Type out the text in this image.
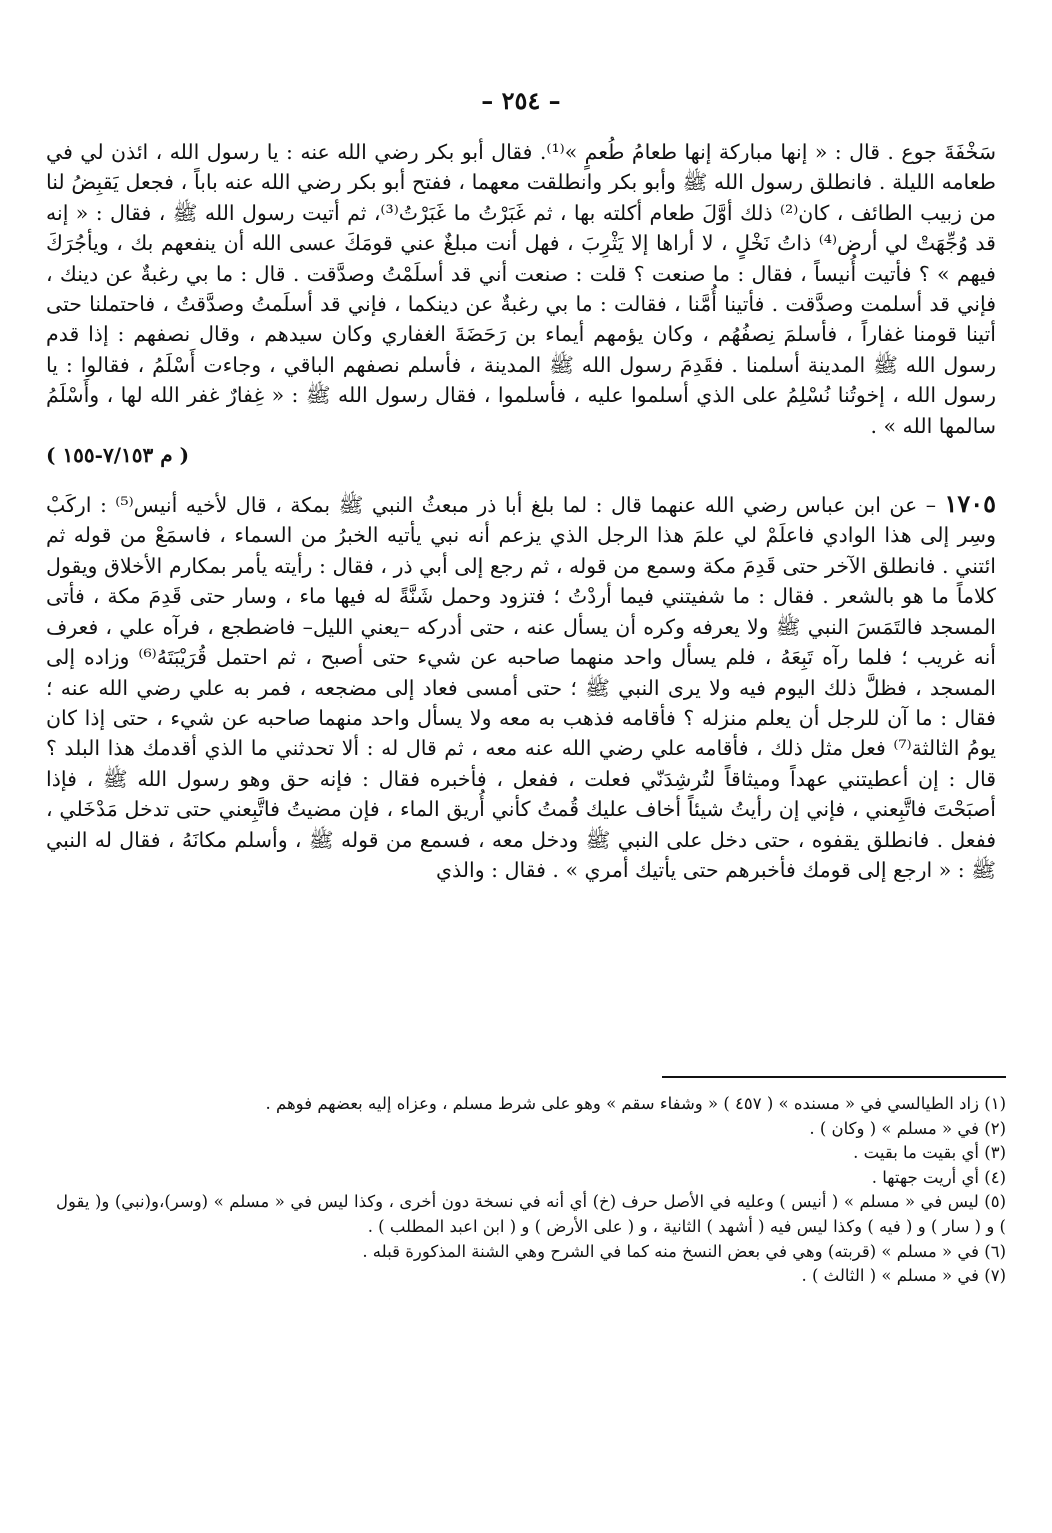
– ٢٥٤ –

سَخْفَةَ جوع . قال : « إنها مباركة إنها طعامُ طُعمٍ »⁽¹⁾. فقال أبو بكر رضي الله عنه : يا رسول الله ، ائذن لي في طعامه الليلة . فانطلق رسول الله ﷺ وأبو بكر وانطلقت معهما ، ففتح أبو بكر رضي الله عنه باباً ، فجعل يَقبِضُ لنا من زبيب الطائف ، كان⁽²⁾ ذلك أوَّلَ طعام أكلته بها ، ثم غَبَرْتُ ما غَبَرْتُ⁽³⁾، ثم أتيت رسول الله ﷺ ، فقال : « إنه قد وُجِّهَتْ لي أرض⁽⁴⁾ ذاتُ نَخْلٍ ، لا أراها إلا يَثْرِبَ ، فهل أنت مبلغٌ عني قومَكَ عسى الله أن ينفعهم بك ، ويأجُرَكَ فيهم » ؟ فأتيت أُنيساً ، فقال : ما صنعت ؟ قلت : صنعت أني قد أسلَمْتُ وصدَّقت . قال : ما بي رغبةٌ عن دينك ، فإني قد أسلمت وصدَّقت . فأتينا أُمَّنا ، فقالت : ما بي رغبةٌ عن دينكما ، فإني قد أسلَمتُ وصدَّقتُ ، فاحتملنا حتى أتينا قومنا غفاراً ، فأسلمَ نِصفُهُم ، وكان يؤمهم أيماء بن رَحَضَةَ الغفاري وكان سيدهم ، وقال نصفهم : إذا قدم رسول الله ﷺ المدينة أسلمنا . فقَدِمَ رسول الله ﷺ المدينة ، فأسلم نصفهم الباقي ، وجاءت أَسْلَمُ ، فقالوا : يا رسول الله ، إخوتُنا نُسْلِمُ على الذي أسلموا عليه ، فأسلموا ، فقال رسول الله ﷺ : « غِفارٌ غفر الله لها ، وأَسْلَمُ سالمها الله » .

( م ٧/١٥٣-١٥٥ )

١٧٠٥ – عن ابن عباس رضي الله عنهما قال : لما بلغ أبا ذر مبعثُ النبي ﷺ بمكة ، قال لأخيه أنيس⁽⁵⁾ : اركَبْ وسِر إلى هذا الوادي فاعلَمْ لي علمَ هذا الرجل الذي يزعم أنه نبي يأتيه الخبرُ من السماء ، فاسمَعْ من قوله ثم ائتني . فانطلق الآخر حتى قَدِمَ مكة وسمع من قوله ، ثم رجع إلى أبي ذر ، فقال : رأيته يأمر بمكارم الأخلاق ويقول كلاماً ما هو بالشعر . فقال : ما شفيتني فيما أردْتُ ؛ فتزود وحمل شَنَّةً له فيها ماء ، وسار حتى قَدِمَ مكة ، فأتى المسجد فالتَمَسَ النبي ﷺ ولا يعرفه وكره أن يسأل عنه ، حتى أدركه –يعني الليل– فاضطجع ، فرآه علي ، فعرف أنه غريب ؛ فلما رآه تَبِعَهُ ، فلم يسأل واحد منهما صاحبه عن شيء حتى أصبح ، ثم احتمل قُرَيْبَتَهُ⁽⁶⁾ وزاده إلى المسجد ، فظلَّ ذلك اليوم فيه ولا يرى النبي ﷺ ؛ حتى أمسى فعاد إلى مضجعه ، فمر به علي رضي الله عنه ؛ فقال : ما آن للرجل أن يعلم منزله ؟ فأقامه فذهب به معه ولا يسأل واحد منهما صاحبه عن شيء ، حتى إذا كان يومُ الثالثة⁽⁷⁾ فعل مثل ذلك ، فأقامه علي رضي الله عنه معه ، ثم قال له : ألا تحدثني ما الذي أقدمك هذا البلد ؟ قال : إن أعطيتني عهداً وميثاقاً لتُرشِدَنّي فعلت ، ففعل ، فأخبره فقال : فإنه حق وهو رسول الله ﷺ ، فإذا أصبَحْتَ فاتَّبِعني ، فإني إن رأيتُ شيئاً أخاف عليك قُمتُ كأني أُريق الماء ، فإن مضيتُ فاتَّبِعني حتى تدخل مَدْخَلي ، ففعل . فانطلق يقفوه ، حتى دخل على النبي ﷺ ودخل معه ، فسمع من قوله ﷺ ، وأسلم مكانَهُ ، فقال له النبي ﷺ : « ارجع إلى قومك فأخبرهم حتى يأتيك أمري » . فقال : والذي

(١) زاد الطيالسي في « مسنده » ( ٤٥٧ ) « وشفاء سقم » وهو على شرط مسلم ، وعزاه إليه بعضهم فوهم .

(٢) في « مسلم » ( وكان ) .

(٣) أي بقيت ما بقيت .

(٤) أي أريت جهتها .

(٥) ليس في « مسلم » ( أنيس ) وعليه في الأصل حرف (خ) أي أنه في نسخة دون أخرى ، وكذا ليس في « مسلم » (وسر)،و(نبي) و( يقول ) و ( سار ) و ( فيه ) وكذا ليس فيه ( أشهد ) الثانية ، و ( على الأرض ) و ( ابن اعبد المطلب ) .

(٦) في « مسلم » (قربته) وهي في بعض النسخ منه كما في الشرح وهي الشنة المذكورة قبله .

(٧) في « مسلم » ( الثالث ) .
